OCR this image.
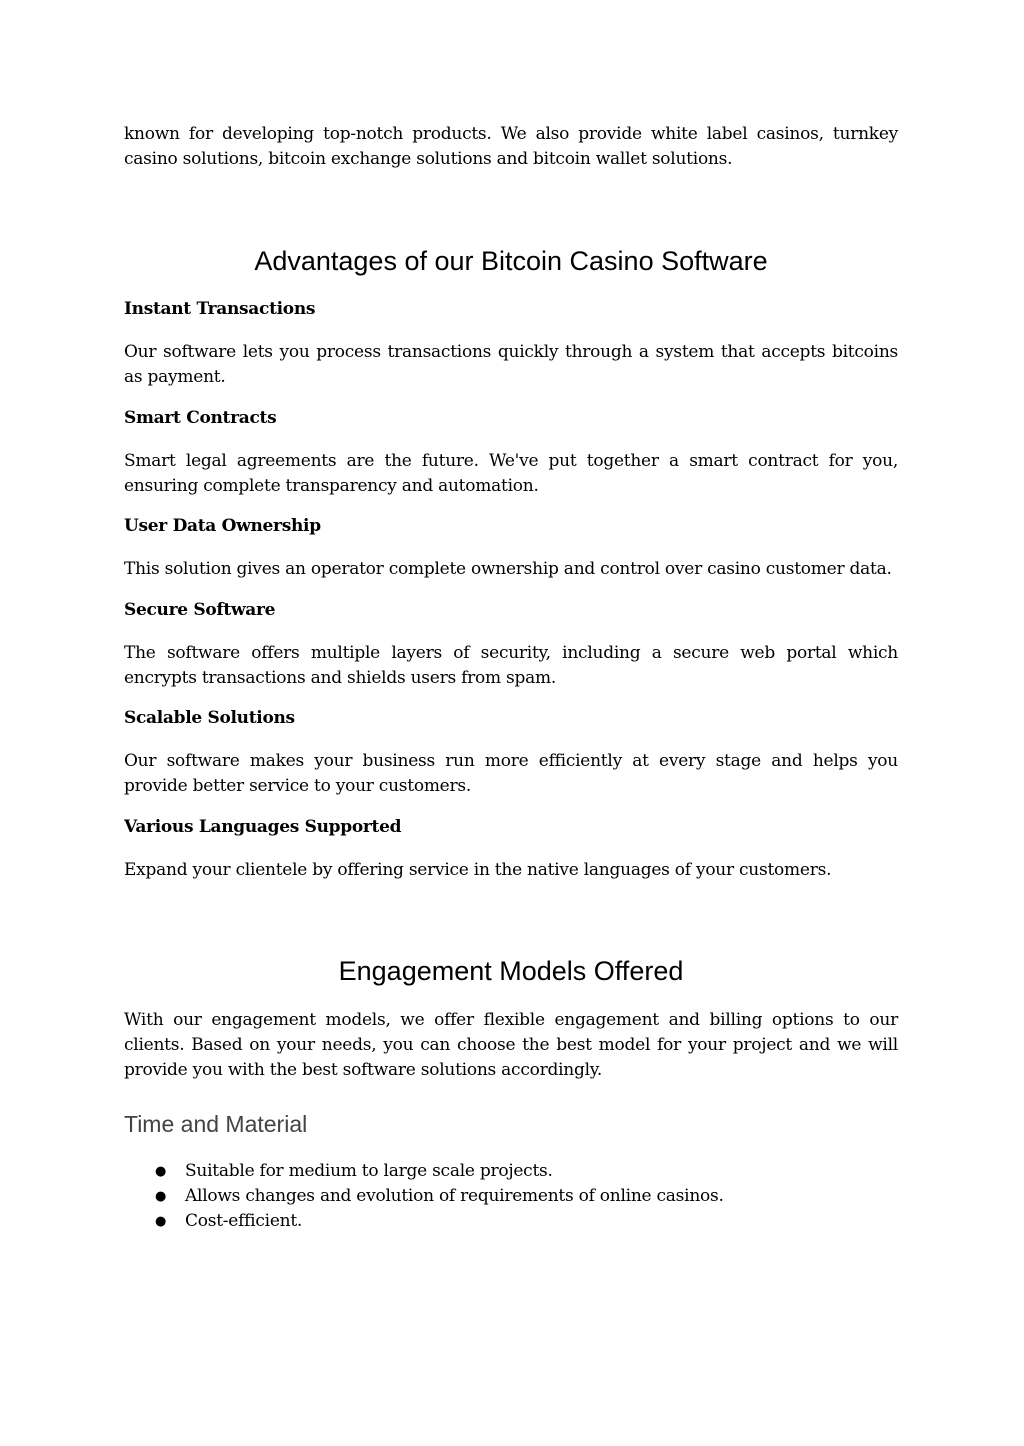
known for developing top-notch products. We also provide white label casinos, turnkey casino solutions, bitcoin exchange solutions and bitcoin wallet solutions.

Advantages of our Bitcoin Casino Software
Instant Transactions

Our software lets you process transactions quickly through a system that accepts bitcoins as payment.

Smart Contracts

Smart legal agreements are the future. We've put together a smart contract for you, ensuring complete transparency and automation.

User Data Ownership

This solution gives an operator complete ownership and control over casino customer data.

Secure Software

The software offers multiple layers of security, including a secure web portal which encrypts transactions and shields users from spam.

Scalable Solutions

Our software makes your business run more efficiently at every stage and helps you provide better service to your customers.

Various Languages Supported

Expand your clientele by offering service in the native languages of your customers.

Engagement Models Offered

With our engagement models, we offer flexible engagement and billing options to our clients. Based on your needs, you can choose the best model for your project and we will provide you with the best software solutions accordingly.

Time and Material
● Suitable for medium to large scale projects.
● Allows changes and evolution of requirements of online casinos.
● Cost-efficient.
